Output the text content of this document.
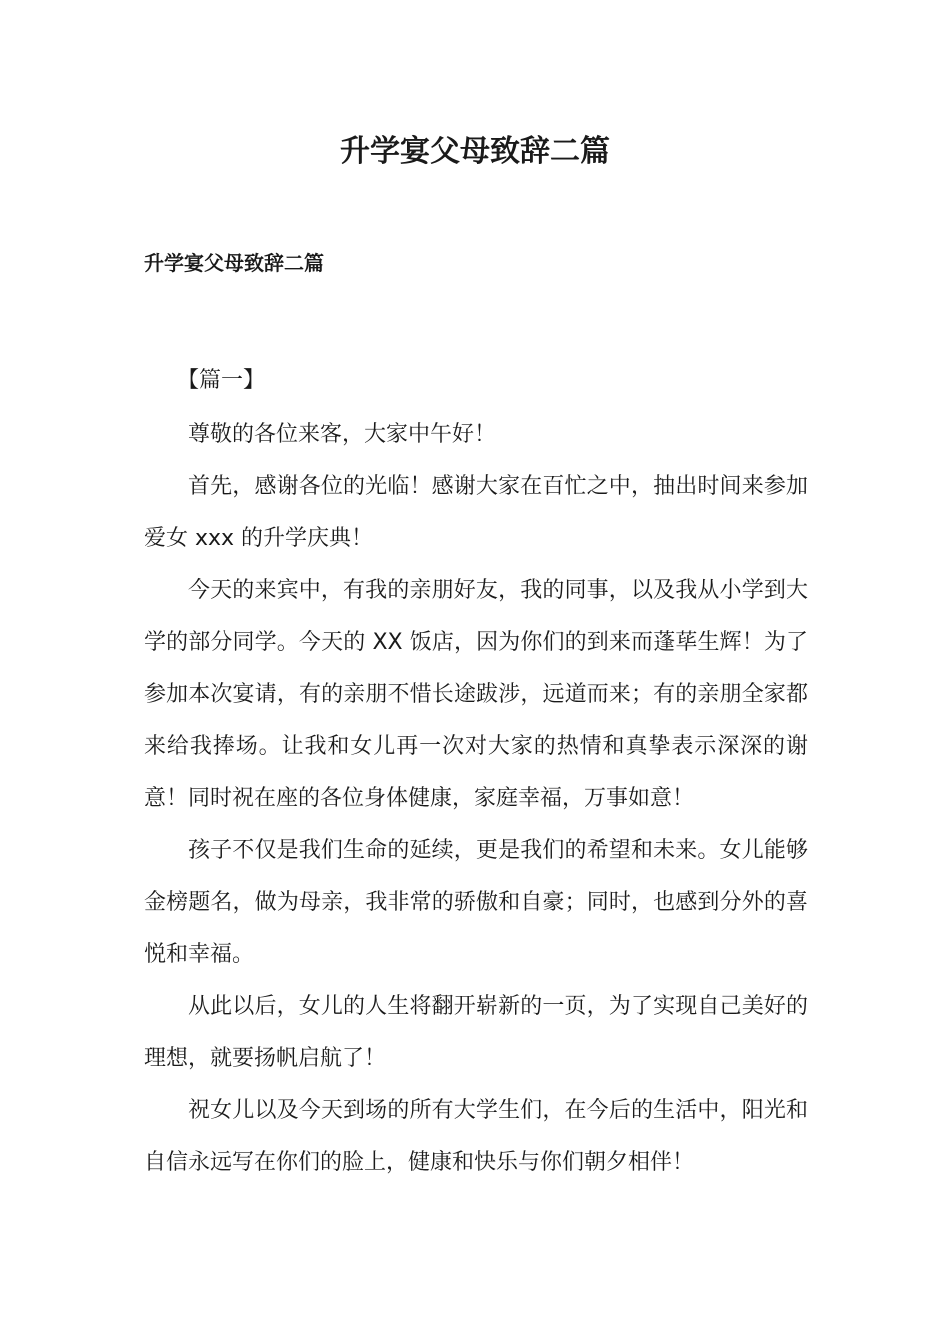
升学宴父母致辞二篇
升学宴父母致辞二篇

【篇一】

尊敬的各位来客，大家中午好！

首先，感谢各位的光临！感谢大家在百忙之中，抽出时间来参加爱女 xxx 的升学庆典！

今天的来宾中，有我的亲朋好友，我的同事，以及我从小学到大学的部分同学。今天的 XX 饭店，因为你们的到来而蓬荜生辉！为了参加本次宴请，有的亲朋不惜长途跋涉，远道而来；有的亲朋全家都来给我捧场。让我和女儿再一次对大家的热情和真挚表示深深的谢意！同时祝在座的各位身体健康，家庭幸福，万事如意！

孩子不仅是我们生命的延续，更是我们的希望和未来。女儿能够金榜题名，做为母亲，我非常的骄傲和自豪；同时，也感到分外的喜悦和幸福。

从此以后，女儿的人生将翻开崭新的一页，为了实现自己美好的理想，就要扬帆启航了！

祝女儿以及今天到场的所有大学生们，在今后的生活中，阳光和自信永远写在你们的脸上，健康和快乐与你们朝夕相伴！
